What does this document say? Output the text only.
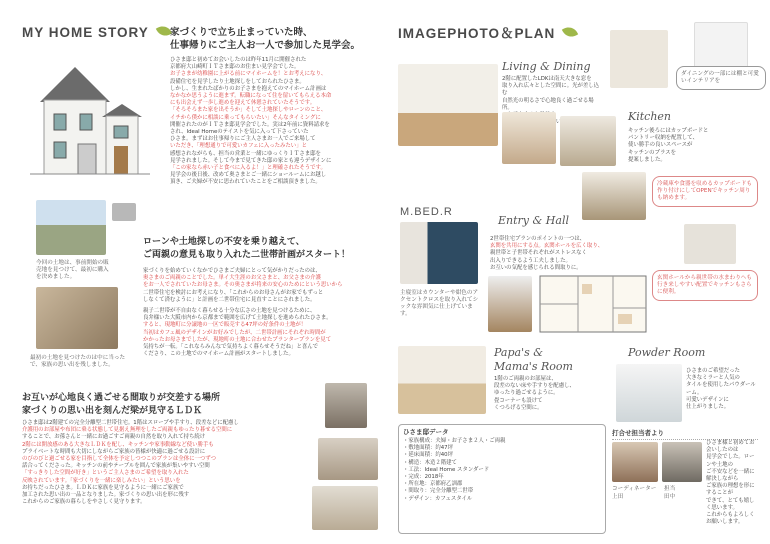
MY HOME STORY	家づくりで立ち止まっていた時、
仕事帰りにご主人お一人で参加した見学会。
ひさま邸と初めてお会いしたのは昨年11月に開催された
京都府大山崎町ＩＴさま邸のお住まい見学会でした。
お子さまが幼稚園に上がる前にマイホームを！とお考えになり、
設備住宅を見学したり土地探しをしておられたひさま。
しかし、生まれたばかりのお子さまを抱えてのマイホーム計画は
なかなか思うように進まず。転職になって住を留いてもらえる本命
にも出会えず一歩し進めを迎えて休憩されていたそうです。
「そろそろまた家を出そうか」そして土地探しやローンのこと、
イチから僕かに相談に乗ってもらいたい」そんなタイミングに
開催されたのがＩＴさま邸見学会でした。実は2年前に資料請求を
され、Ideal Homeのテイストを気に入って下さっていた
ひさま。まずはお仕事帰りにご主人さまお一人でご来場して
いただき、「理想通りで可愛いカフェに入ったみたい」と
感想されながらも、担当の営業と一緒にゆっくりＩＴさま邸を
見学されました。そして今まで見てきた邸の家とも違うデザインに
「この家なら赤い子と食べに入るよ！」と理確されたそうです。
見学会の後日後、改めて奥さまとご一緒にショールームにお越し
頂き、ご夫婦が不安に思われていたことをご相談頂きました。
今回の土地は、事前開始の販売地を見つけて、最初に購入を決めました。
ローンや土地探しの不安を乗り越えて、
ご両親の意見も取り入れた二世帯計画がスタート！
最初の土地を見つけたのは中に当ったで、家族の思い出を残しました。
家づくりを始めていくなかでひさまご夫婦にとって気がかりだったのは、
奥さまのご両親のことでした。単イ大生涯のお父さまと、お父さまの介護
をお一人でされていたお母さま。その奥さまが将来の安心のためにという思いから
二世帯住宅を検討にお考えになり、「これからのお母さんがお家でもずっと
しなくて済むように」と計画を二世帯住宅に見直すことにされました。
親子二世帯が不自由なく暮らせる十分な広さの土地を見つけるために、
良弁様いた大阪市内から京都まで範囲を広げて土地探しを進められたひさま。
すると、現地町に分譲地の一区で販売する47坪の好条件の土地が！
当初はカフェ風のデザインがお好みでしたが、二世帯計画にそれぞれ時間が
かかったお母さまでしたが、現地町の土地に合わせたプランタープランを見て
気持ちが一転。「これならみんなで気持ちよく暮らせそうだね」と喜んで
くださり、この土地でのマイホーム計画がスタートしました。
お互いが心地良く過ごせる間取りが交差する場所
家づくりの思い出を刻んだ梁が見守るＬＤＫ
ひさま邸は2階建ての完全分離型二世帯住宅。1階はスロープや手すり、段差などに配慮し
介護用のお部屋や布団に乗る状態して見据え無理をしたご両親もゆったり暮せる空間に
することで、お孫さんと一緒にお過ごすご両親の自然を取り入れて持ち続け
2階には開放感のある大きなＬＤＫを配し、キッチンや家事動線など使い勝手も
プライベートな時間も大切にしながらご家族の皆様が快適に過ごせる設計に
のびのびと過ごせる家を目指して全体を予定しつつこのプランは全体に一つずつ
話合ってくださった。キッチンの前やテーブルを囲んで家族が集いやすい空間
「すっきりした空間が好き」というご主人さまのご希望を取り入れた
反映されています。「家づくりを一緒に楽しみたい」という思いを
お持ちだったひさま。ＬＤＫに家族を見守るように一緒にご家族で
加工された思い出の一品となりました。家づくりの思い出を形に残す
これからのご家族の暮らしをやさしく見守ります。
IMAGEPHOTO＆PLAN
Living & Dining
2階に配置したLDKは南天大きな窓を
取り入れ広々とした空間に。光が差し込む
自然光の明るさで心地良く過ごせる場所。
ダイニングの一部には棚と可愛いインテリアを
Kitchen
キッチン後ろにはカップボードと
パントリー収納を配置して、
使い勝手の良いスペースが
キッチンのプラスを
提案しました。
冷蔵庫や食器を収めるカップボードも作り付けにしてOPENでキッチン周りも納めます。
M.BED.R
主寝室はカウンターや紺色のアクセントクロスを取り入れてシックな雰囲気に仕上げています。
Entry & Hall
2世帯住宅プランのポイントの一つは、
玄関を共用にする点。玄関ホールを広く取り、
親世帯と子世帯それぞれがストレスなく
出入りできるよう工夫しました。
お互いの気配を感じられる間取りに。
玄関ホールから親世帯の水まわりへも行き来しやすい配置でキッチンもさらに便利。
Papa's &
Mama's Room
1階のご両親のお部屋は、
段差のない床や手すりを配慮し、
ゆったり過ごせるように。
畳コーナーも設けて
くつろげる空間に。
Powder Room
ひさまのご希望だった
大きなミラーと人気の
タイルを使用したパウダールーム。
可愛いデザインに
仕上がりました。
ひさま邸データ
・家族構成：夫婦・お子さま２人・ご両親
・敷地面積：約47坪
・延床面積：約40坪
・構造：木造２階建て
・工法：Ideal Home スタンダード
・完成：2018年
・所在地：京都府乙訓郡
・間取り：完全分離型二世帯
・デザイン：カフェスタイル
打合せ担当者より
ひさま様と初めてお会いしたのは
見学会でした。ローンや土地の
ご不安などを一緒に解決しながら
ご家族の理想を形にすることが
できて、とても嬉しく思います。
これからもよろしくお願いします。
コーディネーター
上田
担当
田中
